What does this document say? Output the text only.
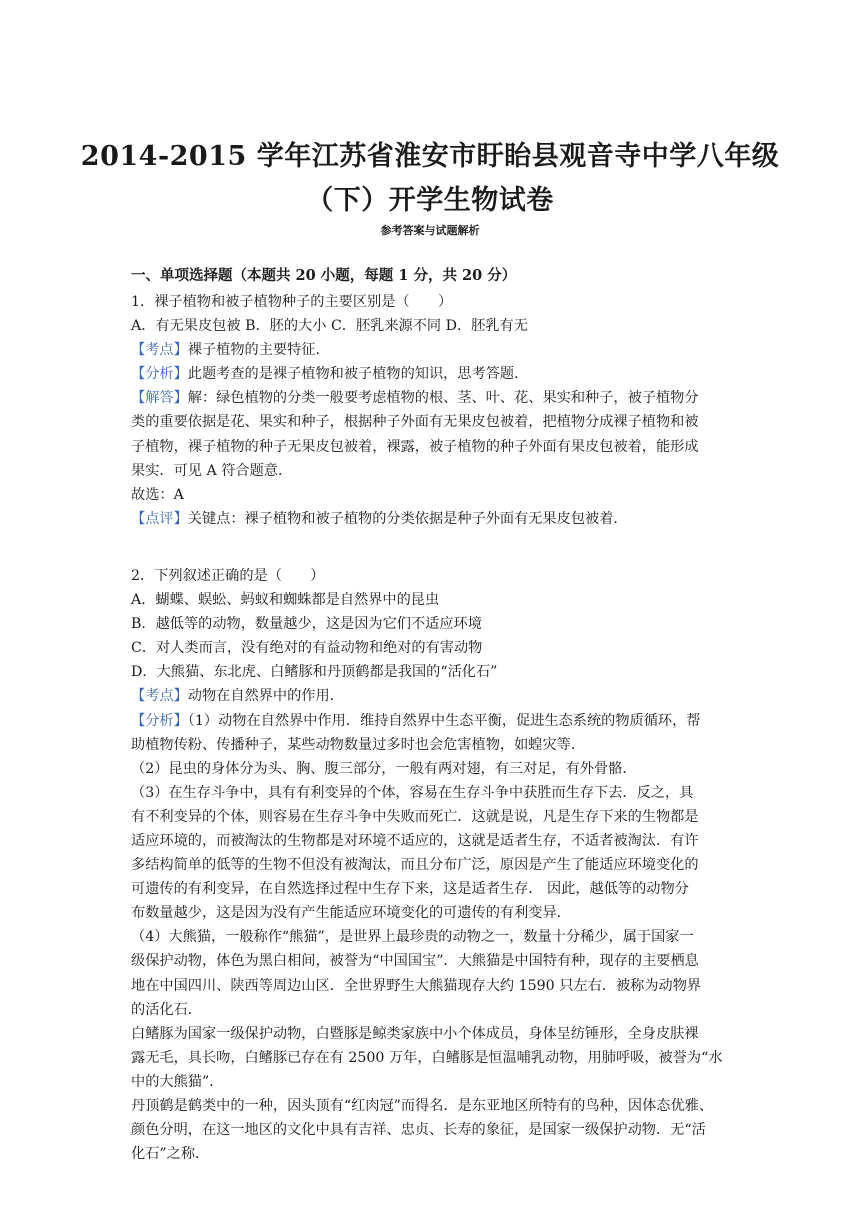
2014-2015 学年江苏省淮安市盱眙县观音寺中学八年级
（下）开学生物试卷
参考答案与试题解析
一、单项选择题（本题共 20 小题，每题 1 分，共 20 分）

1．裸子植物和被子植物种子的主要区别是（　　）

A．有无果皮包被 B．胚的大小 C．胚乳来源不同 D．胚乳有无

【考点】裸子植物的主要特征．

【分析】此题考查的是裸子植物和被子植物的知识，思考答题．

【解答】解：绿色植物的分类一般要考虑植物的根、茎、叶、花、果实和种子，被子植物分

类的重要依据是花、果实和种子，根据种子外面有无果皮包被着，把植物分成裸子植物和被

子植物，裸子植物的种子无果皮包被着，裸露，被子植物的种子外面有果皮包被着，能形成

果实．可见 A 符合题意．

故选：A

【点评】关键点：裸子植物和被子植物的分类依据是种子外面有无果皮包被着．

2．下列叙述正确的是（　　）

A．蝴蝶、蜈蚣、蚂蚁和蜘蛛都是自然界中的昆虫

B．越低等的动物，数量越少，这是因为它们不适应环境

C．对人类而言，没有绝对的有益动物和绝对的有害动物

D．大熊猫、东北虎、白鳍豚和丹顶鹤都是我国的“活化石”

【考点】动物在自然界中的作用．

【分析】（1）动物在自然界中作用．维持自然界中生态平衡，促进生态系统的物质循环，帮

助植物传粉、传播种子，某些动物数量过多时也会危害植物，如蝗灾等．

（2）昆虫的身体分为头、胸、腹三部分，一般有两对翅，有三对足，有外骨骼．

（3）在生存斗争中，具有有利变异的个体，容易在生存斗争中获胜而生存下去．反之，具

有不利变异的个体，则容易在生存斗争中失败而死亡．这就是说，凡是生存下来的生物都是

适应环境的，而被淘汰的生物都是对环境不适应的，这就是适者生存，不适者被淘汰．有许

多结构简单的低等的生物不但没有被淘汰，而且分布广泛，原因是产生了能适应环境变化的

可遗传的有利变异，在自然选择过程中生存下来，这是适者生存． 因此，越低等的动物分

布数量越少，这是因为没有产生能适应环境变化的可遗传的有利变异．

（4）大熊猫，一般称作“熊猫”，是世界上最珍贵的动物之一，数量十分稀少，属于国家一

级保护动物，体色为黑白相间，被誉为“中国国宝”．大熊猫是中国特有种，现存的主要栖息

地在中国四川、陕西等周边山区．全世界野生大熊猫现存大约 1590 只左右．被称为动物界

的活化石．

白鳍豚为国家一级保护动物，白暨豚是鲸类家族中小个体成员，身体呈纺锤形，全身皮肤裸

露无毛，具长吻，白鳍豚已存在有 2500 万年，白鳍豚是恒温哺乳动物，用肺呼吸，被誉为“水

中的大熊猫”．

丹顶鹤是鹤类中的一种，因头顶有“红肉冠”而得名．是东亚地区所特有的鸟种，因体态优雅、

颜色分明，在这一地区的文化中具有吉祥、忠贞、长寿的象征，是国家一级保护动物．无“活

化石”之称．
